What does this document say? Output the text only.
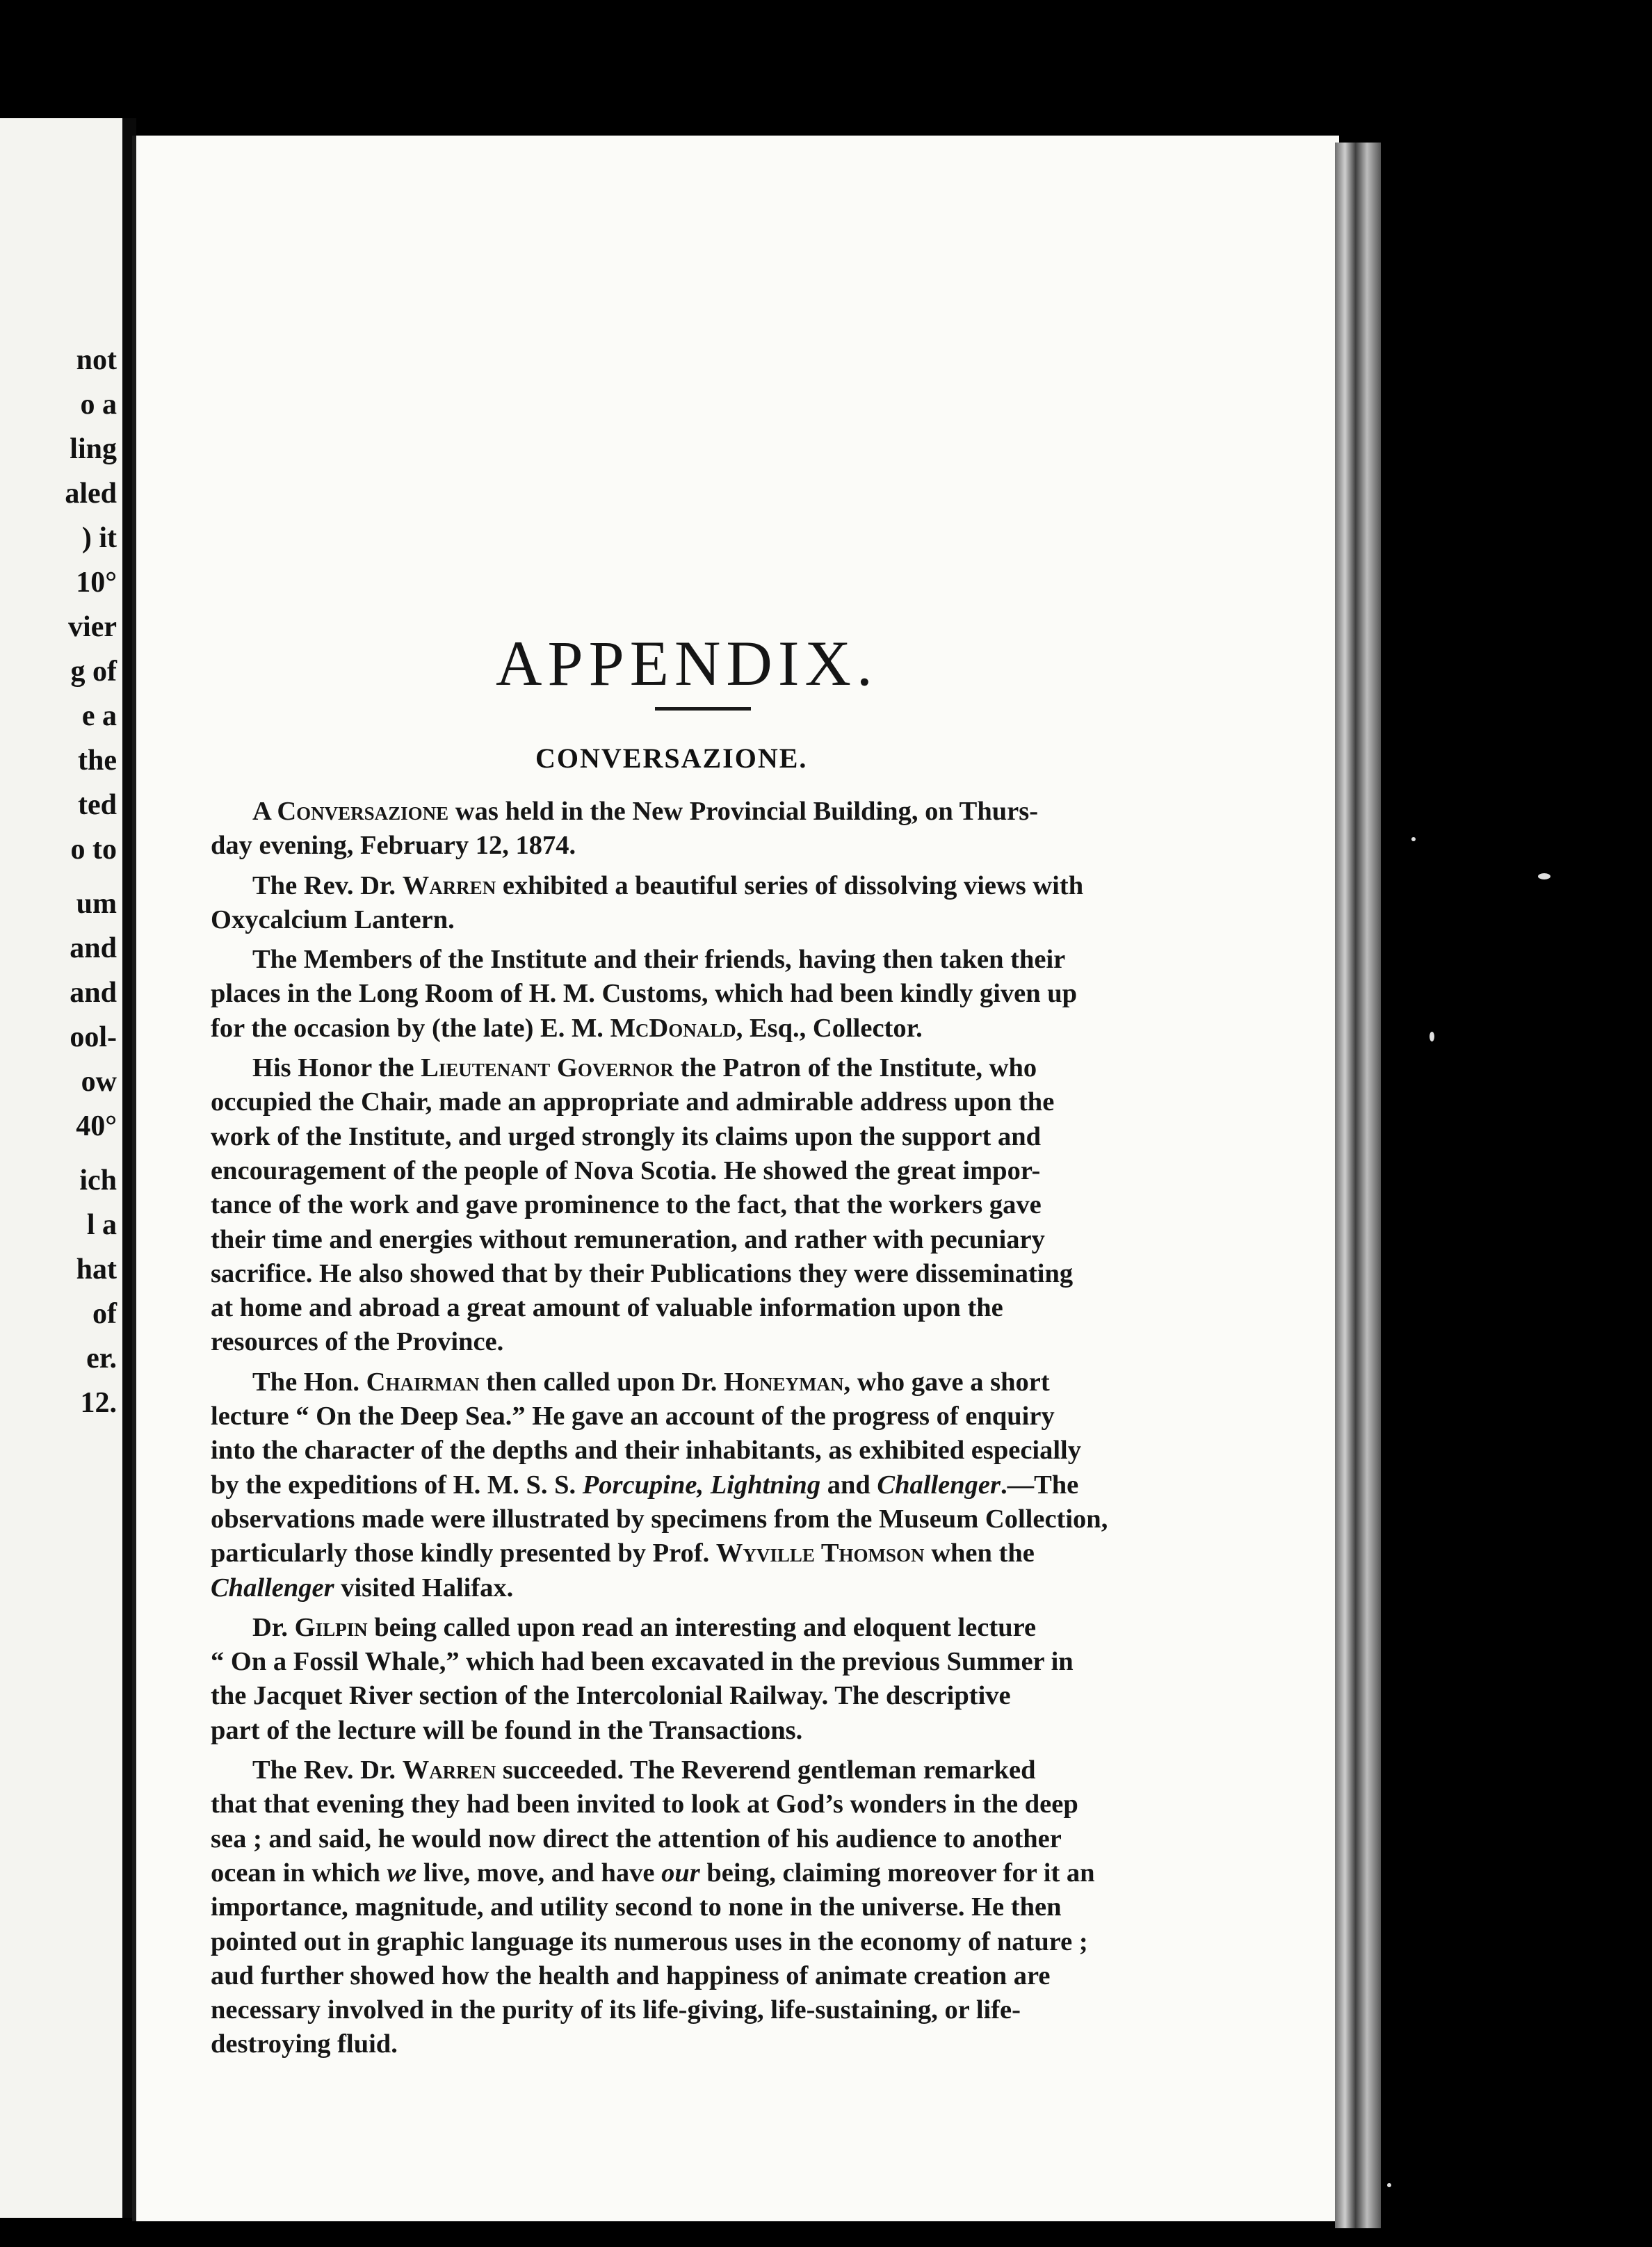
not
o a
ling
aled
) it
10°
vier
g of
e a
the
ted
o to
um
and
and
ool-
ow
40°
ich
l a
hat
of
er.
12.
APPENDIX.
CONVERSAZIONE.

A Conversazione was held in the New Provincial Building, on Thurs-
day evening, February 12, 1874.

The Rev. Dr. Warren exhibited a beautiful series of dissolving views with
Oxycalcium Lantern.

The Members of the Institute and their friends, having then taken their
places in the Long Room of H. M. Customs, which had been kindly given up
for the occasion by (the late) E. M. McDonald, Esq., Collector.

His Honor the Lieutenant Governor the Patron of the Institute, who
occupied the Chair, made an appropriate and admirable address upon the
work of the Institute, and urged strongly its claims upon the support and
encouragement of the people of Nova Scotia. He showed the great impor-
tance of the work and gave prominence to the fact, that the workers gave
their time and energies without remuneration, and rather with pecuniary
sacrifice. He also showed that by their Publications they were disseminating
at home and abroad a great amount of valuable information upon the
resources of the Province.

The Hon. Chairman then called upon Dr. Honeyman, who gave a short
lecture “ On the Deep Sea.” He gave an account of the progress of enquiry
into the character of the depths and their inhabitants, as exhibited especially
by the expeditions of H. M. S. S. Porcupine, Lightning and Challenger.—The
observations made were illustrated by specimens from the Museum Collection,
particularly those kindly presented by Prof. Wyville Thomson when the
Challenger visited Halifax.

Dr. Gilpin being called upon read an interesting and eloquent lecture
“ On a Fossil Whale,” which had been excavated in the previous Summer in
the Jacquet River section of the Intercolonial Railway. The descriptive
part of the lecture will be found in the Transactions.

The Rev. Dr. Warren succeeded. The Reverend gentleman remarked
that that evening they had been invited to look at God’s wonders in the deep
sea ; and said, he would now direct the attention of his audience to another
ocean in which we live, move, and have our being, claiming moreover for it an
importance, magnitude, and utility second to none in the universe. He then
pointed out in graphic language its numerous uses in the economy of nature ;
aud further showed how the health and happiness of animate creation are
necessary involved in the purity of its life-giving, life-sustaining, or life-
destroying fluid.
